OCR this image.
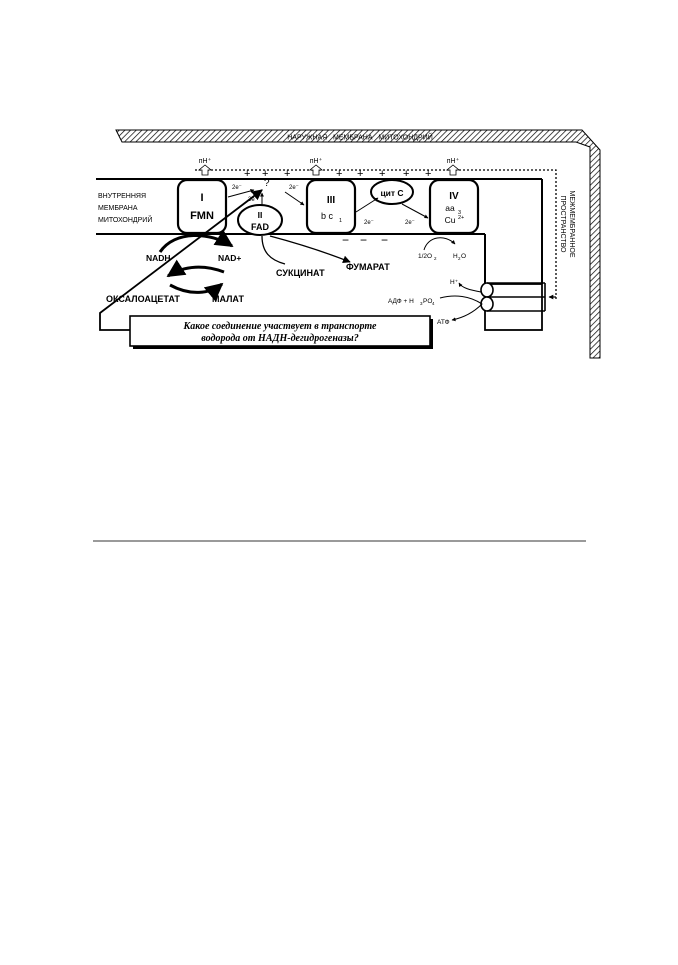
НАРУЖНАЯ   МЕМБРАНА   МИТОХОНДРИЙ
МЕЖМЕМБРАННОЕ
ПРОСТРАНСТВО
ВНУТРЕННЯЯ
МЕМБРАНА
МИТОХОНДРИЙ
пН⁺	пН⁺	пН⁺
+ + +	+ + + + +
− − −
I
FMN	II
FAD
III
b c 1
цит C	IV
aa 3
Cu 2+
2e⁻
2e⁻
2e⁻
2e⁻	2e⁻
?
NADH	NAD+
ОКСАЛОАЦЕТАТ	МАЛАТ
СУКЦИНАТ
ФУМАРАТ
1/2O 2	H 2 O
H⁺
АДФ + H 3 PO 4
АТФ
Какое соединение участвует в транспорте
водорода от НАДН-дегидрогеназы?
